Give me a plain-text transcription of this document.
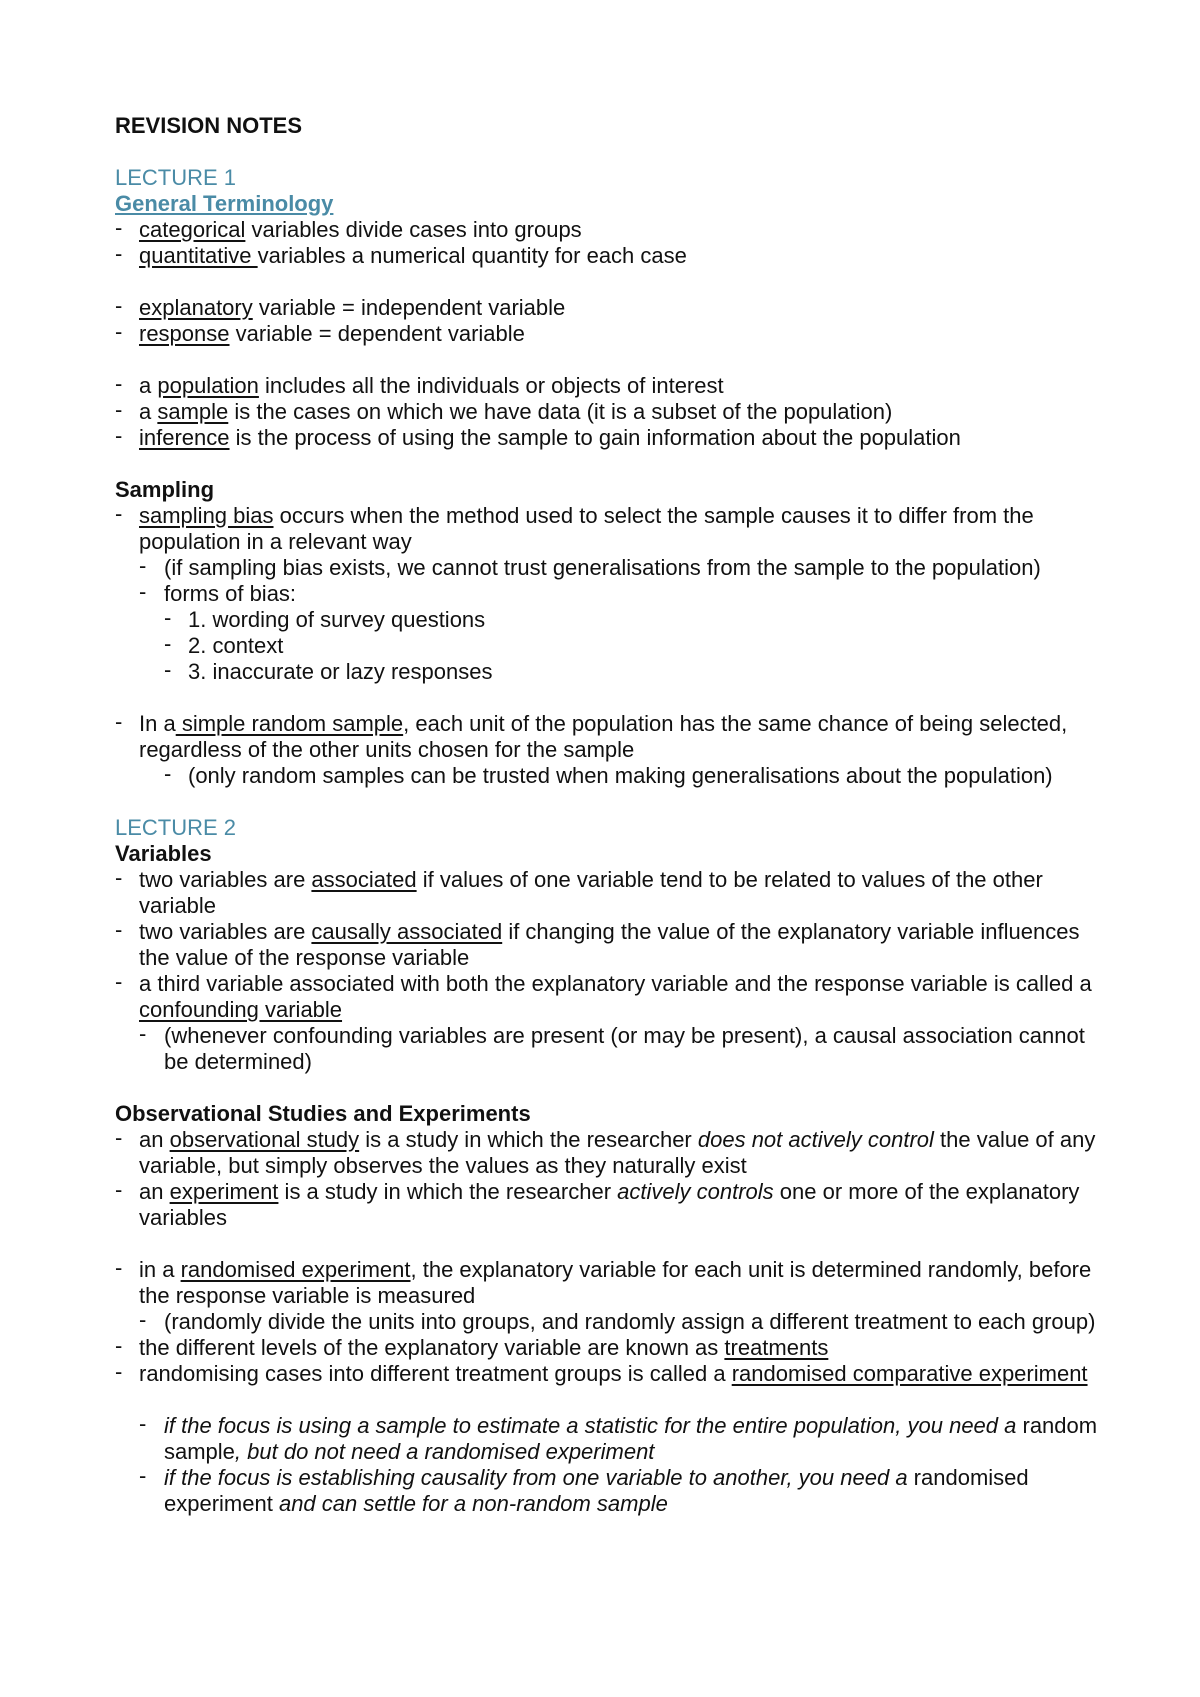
REVISION NOTES

LECTURE 1

General Terminology

- categorical variables divide cases into groups
- quantitative variables a numerical quantity for each case
- explanatory variable = independent variable
- response variable = dependent variable
- a population includes all the individuals or objects of interest
- a sample is the cases on which we have data (it is a subset of the population)
- inference is the process of using the sample to gain information about the population

Sampling

- sampling bias occurs when the method used to select the sample causes it to differ from the population in a relevant way
- (if sampling bias exists, we cannot trust generalisations from the sample to the population)
- forms of bias:
- 1. wording of survey questions
- 2. context
- 3. inaccurate or lazy responses
- In a simple random sample, each unit of the population has the same chance of being selected, regardless of the other units chosen for the sample
- (only random samples can be trusted when making generalisations about the population)

LECTURE 2

Variables

- two variables are associated if values of one variable tend to be related to values of the other variable
- two variables are causally associated if changing the value of the explanatory variable influences the value of the response variable
- a third variable associated with both the explanatory variable and the response variable is called a confounding variable
- (whenever confounding variables are present (or may be present), a causal association cannot be determined)

Observational Studies and Experiments

- an observational study is a study in which the researcher does not actively control the value of any variable, but simply observes the values as they naturally exist
- an experiment is a study in which the researcher actively controls one or more of the explanatory variables
- in a randomised experiment, the explanatory variable for each unit is determined randomly, before the response variable is measured
- (randomly divide the units into groups, and randomly assign a different treatment to each group)
- the different levels of the explanatory variable are known as treatments
- randomising cases into different treatment groups is called a randomised comparative experiment
- if the focus is using a sample to estimate a statistic for the entire population, you need a random sample, but do not need a randomised experiment
- if the focus is establishing causality from one variable to another, you need a randomised experiment and can settle for a non-random sample
